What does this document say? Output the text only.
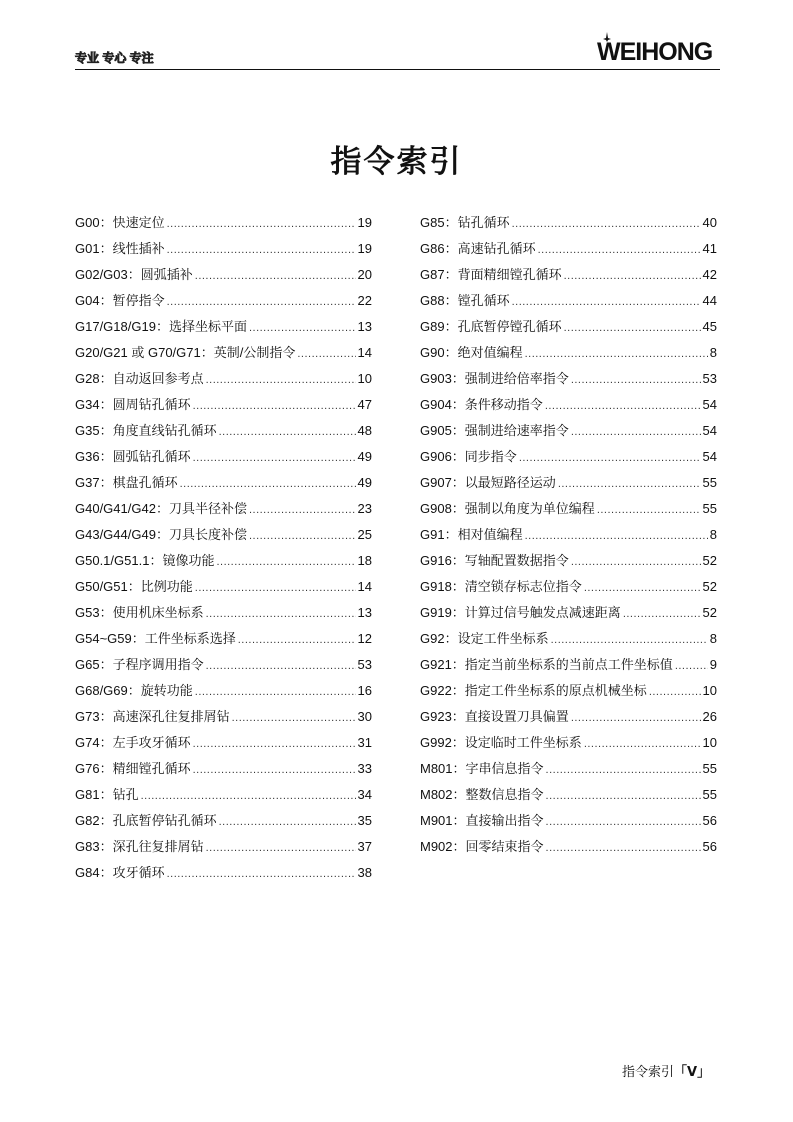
专业 专心 专注	WEIHONG
指令索引
G00：快速定位 .....	19
G01：线性插补 .....	19
G02/G03：圆弧插补 .....	20
G04：暂停指令 .....	22
G17/G18/G19：选择坐标平面 .....	13
G20/G21 或 G70/G71：英制/公制指令 .....	14
G28：自动返回参考点 .....	10
G34：圆周钻孔循环 .....	47
G35：角度直线钻孔循环 .....	48
G36：圆弧钻孔循环 .....	49
G37：棋盘孔循环 .....	49
G40/G41/G42：刀具半径补偿 .....	23
G43/G44/G49：刀具长度补偿 .....	25
G50.1/G51.1：镜像功能 .....	18
G50/G51：比例功能 .....	14
G53：使用机床坐标系 .....	13
G54~G59：工件坐标系选择 .....	12
G65：子程序调用指令 .....	53
G68/G69：旋转功能 .....	16
G73：高速深孔往复排屑钻 .....	30
G74：左手攻牙循环 .....	31
G76：精细镗孔循环 .....	33
G81：钻孔 .....	34
G82：孔底暂停钻孔循环 .....	35
G83：深孔往复排屑钻 .....	37
G84：攻牙循环 .....	38
G85：钻孔循环 .....	40
G86：高速钻孔循环 .....	41
G87：背面精细镗孔循环 .....	42
G88：镗孔循环 .....	44
G89：孔底暂停镗孔循环 .....	45
G90：绝对值编程 .....	8
G903：强制进给倍率指令 .....	53
G904：条件移动指令 .....	54
G905：强制进给速率指令 .....	54
G906：同步指令 .....	54
G907：以最短路径运动 .....	55
G908：强制以角度为单位编程 .....	55
G91：相对值编程 .....	8
G916：写轴配置数据指令 .....	52
G918：清空锁存标志位指令 .....	52
G919：计算过信号触发点减速距离 .....	52
G92：设定工件坐标系 .....	8
G921：指定当前坐标系的当前点工件坐标值 .....	9
G922：指定工件坐标系的原点机械坐标 .....	10
G923：直接设置刀具偏置 .....	26
G992：设定临时工件坐标系 .....	10
M801：字串信息指令 .....	55
M802：整数信息指令 .....	55
M901：直接输出指令 .....	56
M902：回零结束指令 .....	56
指令索引「V」
